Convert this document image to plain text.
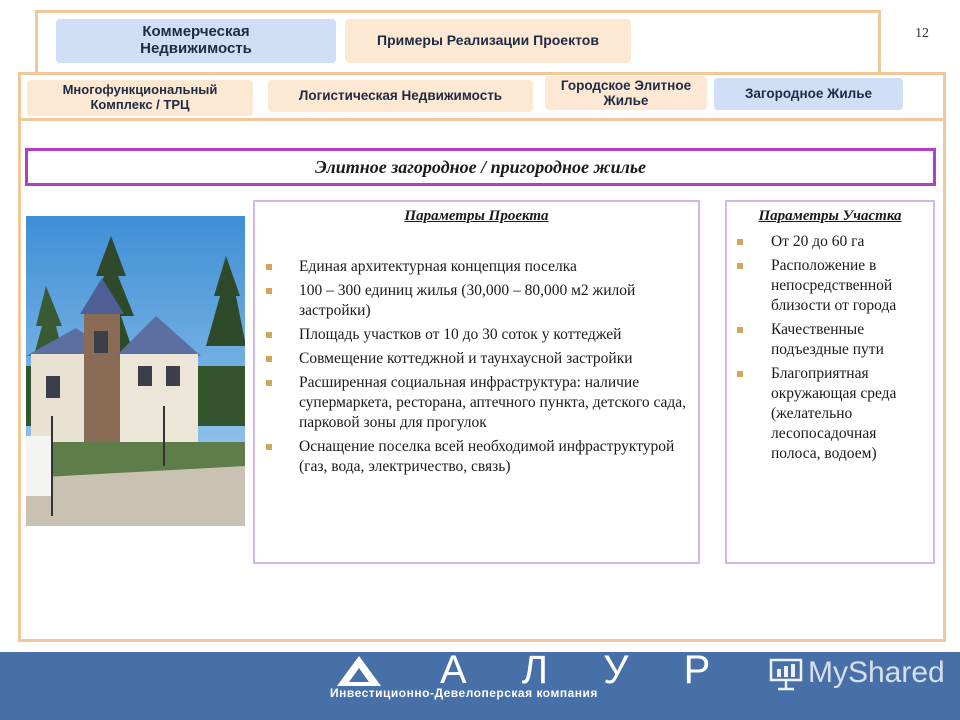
Коммерческая
Недвижимость	Примеры Реализации Проектов	12
Многофункциональный
Комплекс / ТРЦ
Логистическая Недвижимость
Городское Элитное
Жилье	Загородное Жилье
Элитное загородное / пригородное жилье
Параметры Проекта
Единая архитектурная концепция поселка
100 – 300 единиц жилья (30,000 – 80,000 м2 жилой застройки)
Площадь участков от 10 до 30 соток у коттеджей
Совмещение коттеджной и таунхаусной застройки
Расширенная социальная инфраструктура: наличие супермаркета, ресторана, аптечного пункта, детского сада, парковой зоны для прогулок
Оснащение поселка всей необходимой инфраструктурой (газ, вода, электричество, связь)
Параметры Участка
От 20 до 60 га
Расположение в непосредственной близости от города
Качественные подъездные пути
Благоприятная окружающая среда (желательно лесопосадочная полоса, водоем)
А Л У Р
Инвестиционно-Девелоперская компания
MyShared
